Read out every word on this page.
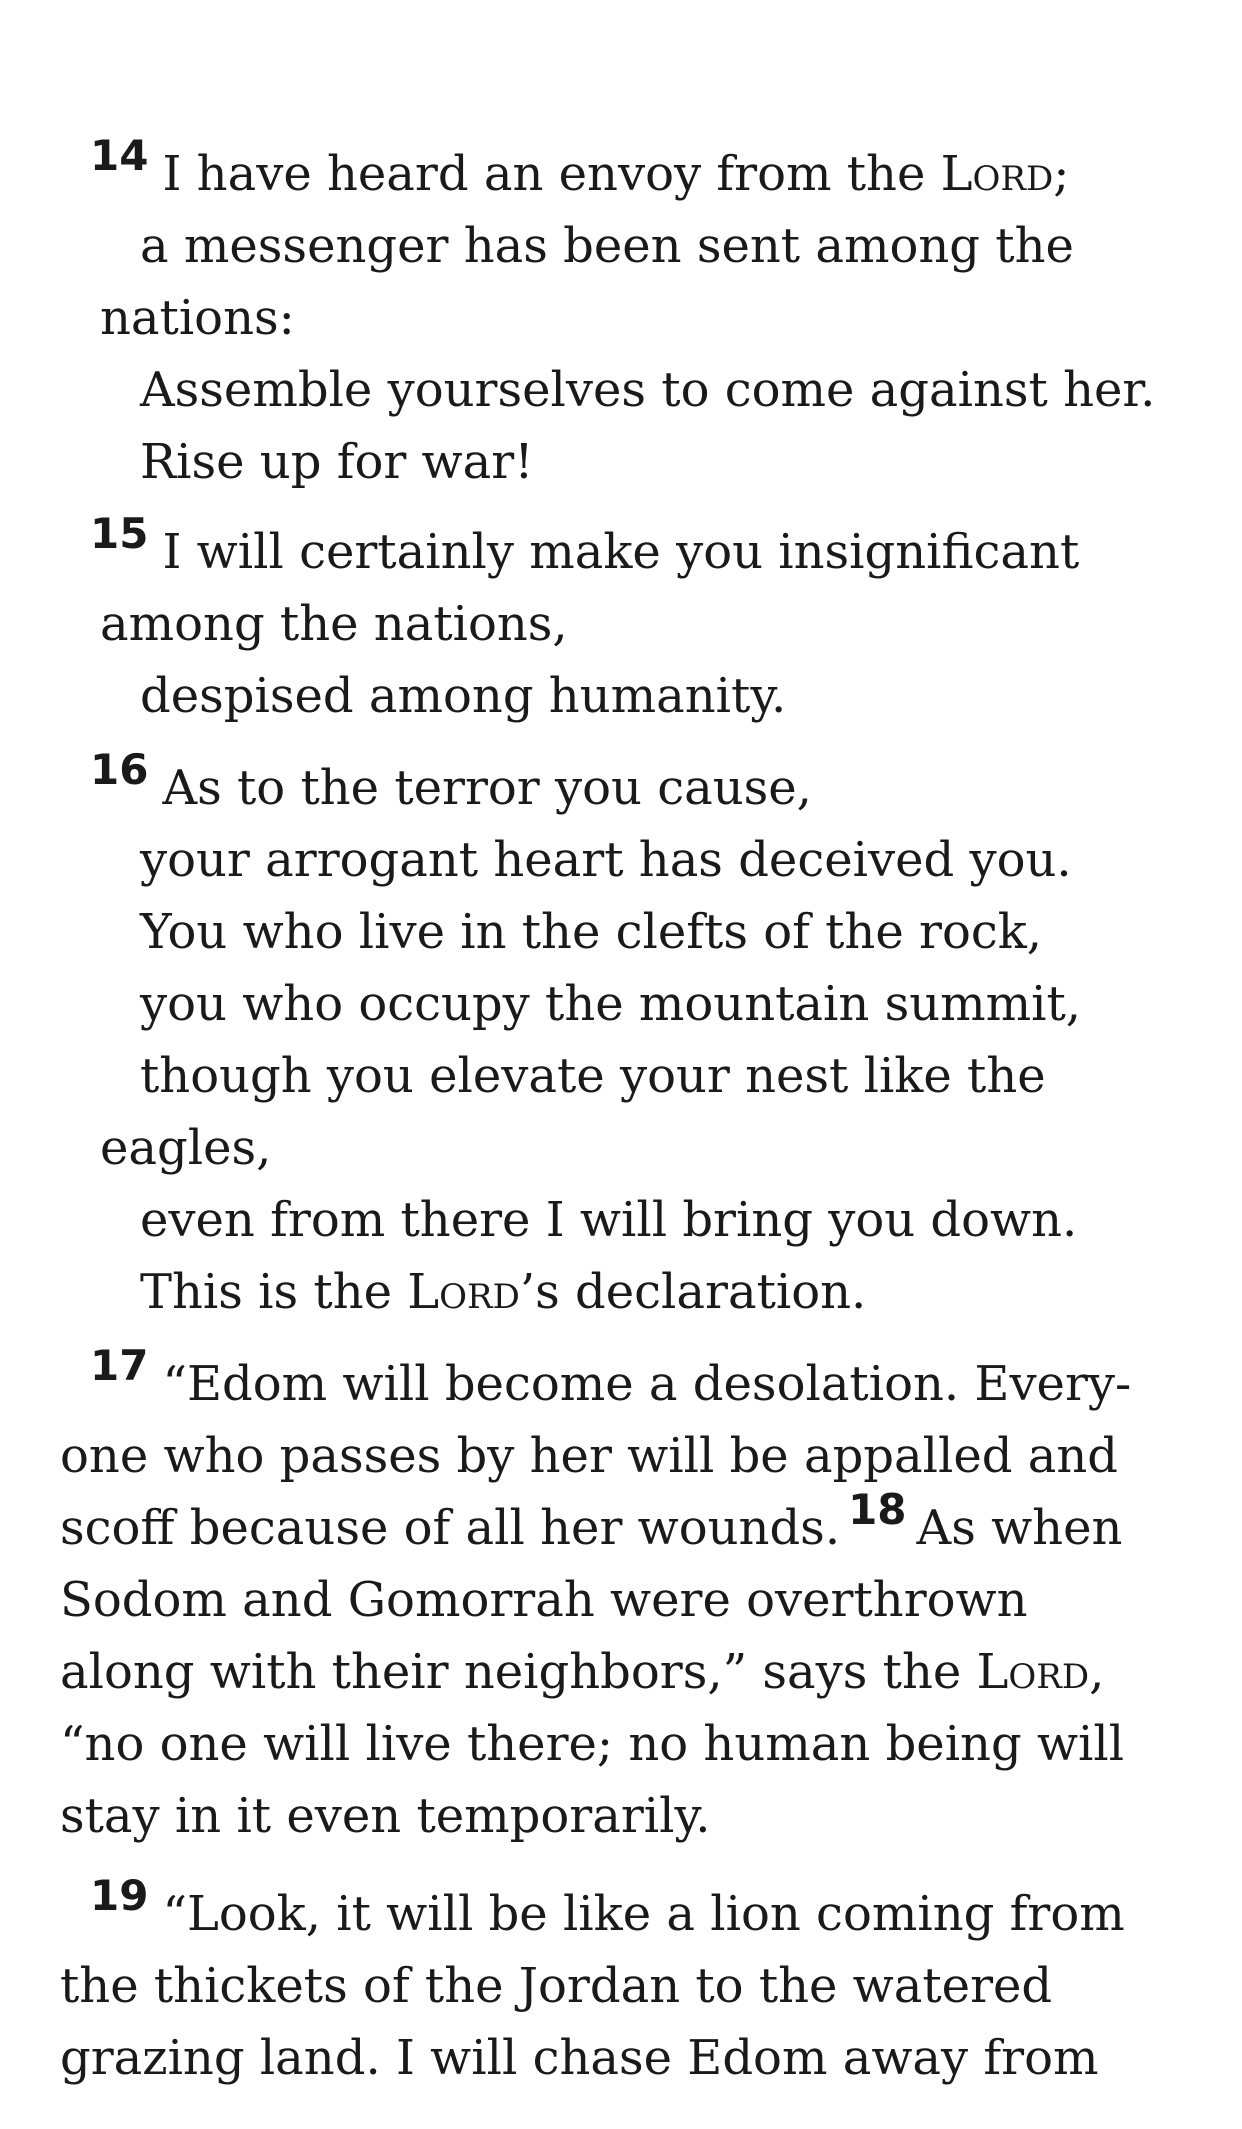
14 I have heard an envoy from the Lord;
a messenger has been sent among the
nations:
Assemble yourselves to come against her.
Rise up for war!
15 I will certainly make you insignificant
among the nations,
despised among humanity.
16 As to the terror you cause,
your arrogant heart has deceived you.
You who live in the clefts of the rock,
you who occupy the mountain summit,
though you elevate your nest like the
eagles,
even from there I will bring you down.
This is the Lord’s declaration.
17 “Edom will become a desolation. Every-
one who passes by her will be appalled and
scoff because of all her wounds. 18 As when
Sodom and Gomorrah were overthrown
along with their neighbors,” says the Lord,
“no one will live there; no human being will
stay in it even temporarily.
19 “Look, it will be like a lion coming from
the thickets of the Jordan to the watered
grazing land. I will chase Edom away from
